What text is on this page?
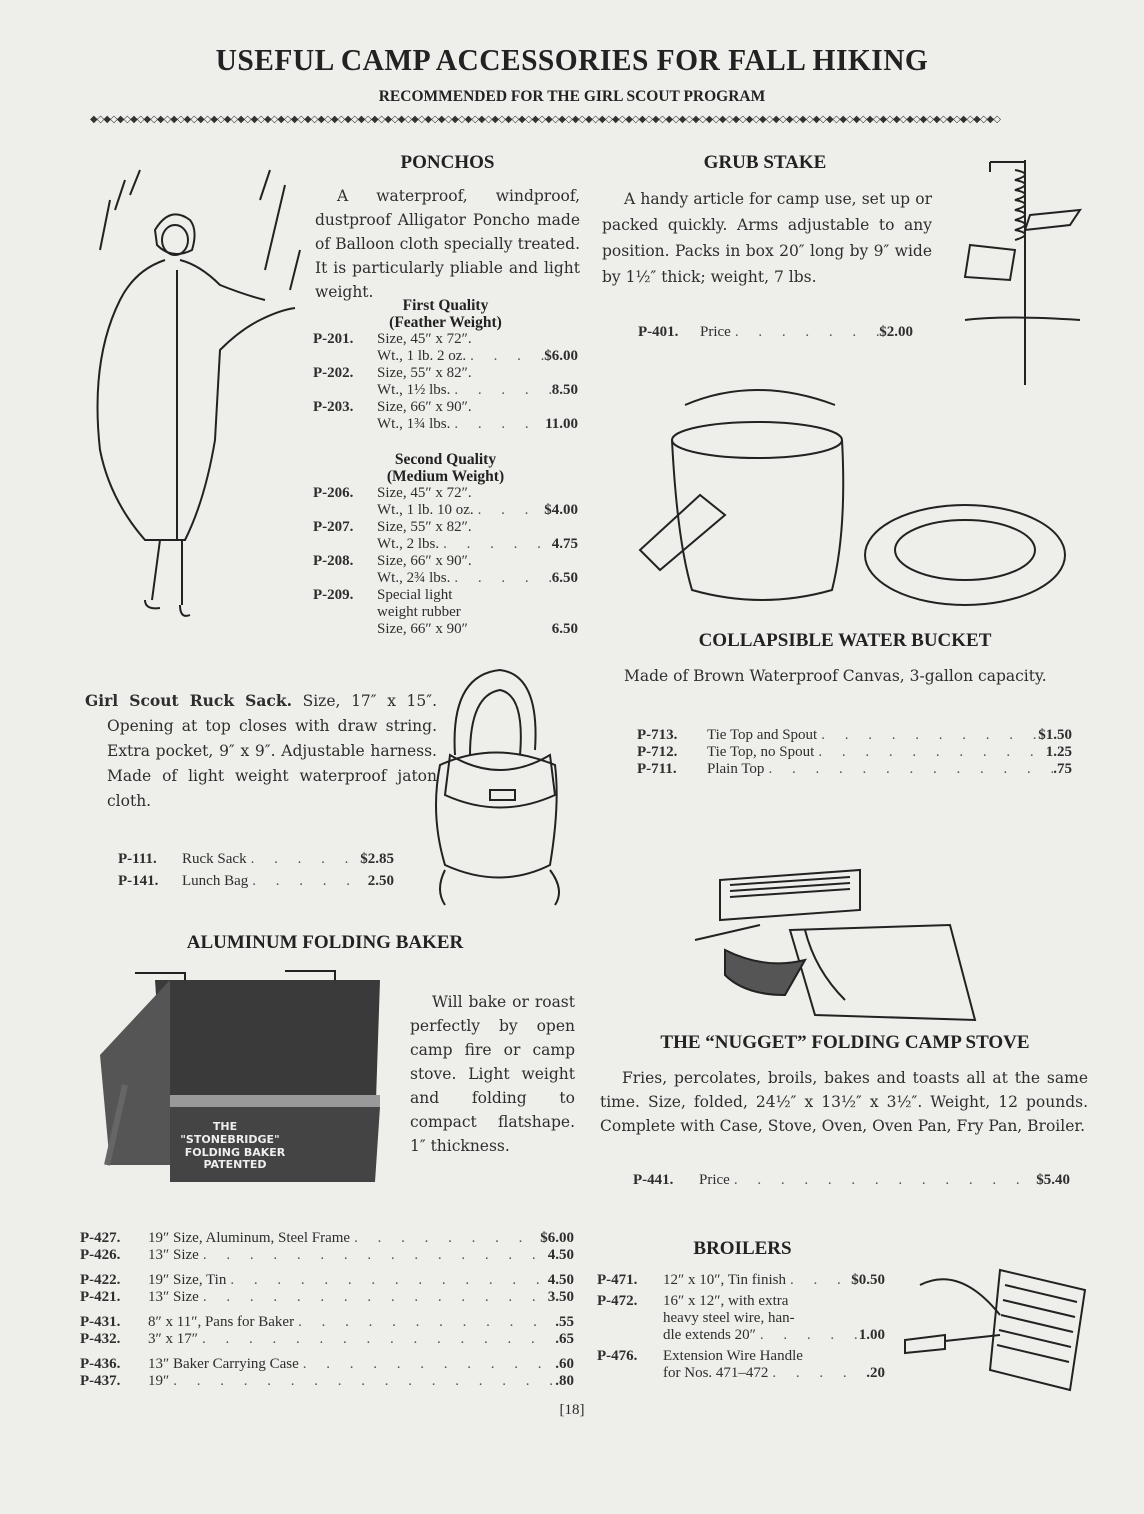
USEFUL CAMP ACCESSORIES FOR FALL HIKING
RECOMMENDED FOR THE GIRL SCOUT PROGRAM
◆◇◆◇◆◇◆◇◆◇◆◇◆◇◆◇◆◇◆◇◆◇◆◇◆◇◆◇◆◇◆◇◆◇◆◇◆◇◆◇◆◇◆◇◆◇◆◇◆◇◆◇◆◇◆◇◆◇◆◇◆◇◆◇◆◇◆◇◆◇◆◇◆◇◆◇◆◇◆◇◆◇◆◇◆◇◆◇◆◇◆◇◆◇◆◇◆◇◆◇◆◇◆◇◆◇◆◇◆◇◆◇◆◇◆◇◆◇◆◇◆◇◆◇◆◇◆◇◆◇◆◇◆◇◆◇
PONCHOS
A waterproof, windproof, dustproof Alligator Poncho made of Balloon cloth specially treated. It is particularly pliable and light weight.
First Quality
(Feather Weight)
P-201.	Size, 45″ x 72″.
Wt., 1 lb. 2 oz. . . .	$6.00
P-202.	Size, 55″ x 82″.
Wt., 1½ lbs. . . .	8.50
P-203.	Size, 66″ x 90″.
Wt., 1¾ lbs. . . .	11.00
Second Quality
(Medium Weight)
P-206.	Size, 45″ x 72″.
Wt., 1 lb. 10 oz. . . .	$4.00
P-207.	Size, 55″ x 82″.
Wt., 2 lbs. . . .	4.75
P-208.	Size, 66″ x 90″.
Wt., 2¾ lbs. . . .	6.50
P-209.	Special light
weight rubber
Size, 66″ x 90″	6.50
GRUB STAKE
A handy article for camp use, set up or packed quickly. Arms adjustable to any position. Packs in box 20″ long by 9″ wide by 1½″ thick; weight, 7 lbs.
P-401.	Price . . .	$2.00
COLLAPSIBLE WATER BUCKET
Made of Brown Waterproof Canvas, 3-gallon capacity.
P-713.	Tie Top and Spout . . .	$1.50
P-712.	Tie Top, no Spout . . .	1.25
P-711.	Plain Top . . .	.75
Girl Scout Ruck Sack. Size, 17″ x 15″. Opening at top closes with draw string. Extra pocket, 9″ x 9″. Adjustable harness. Made of light weight waterproof jaton cloth.
P-111.	Ruck Sack . . .	$2.85
P-141.	Lunch Bag . . .	2.50
ALUMINUM FOLDING BAKER
THE
"STONEBRIDGE"
FOLDING BAKER
PATENTED
Will bake or roast perfectly by open camp fire or camp stove. Light weight and folding to compact flatshape. 1″ thickness.
P-427.	19″ Size, Aluminum, Steel Frame . . .	$6.00
P-426.	13″ Size . . .	4.50
P-422.	19″ Size, Tin . . .	4.50
P-421.	13″ Size . . .	3.50
P-431.	8″ x 11″, Pans for Baker . . .	.55
P-432.	3″ x 17″ . . .	.65
P-436.	13″ Baker Carrying Case . . .	.60
P-437.	19″ . . .	.80
THE “NUGGET” FOLDING CAMP STOVE
Fries, percolates, broils, bakes and toasts all at the same time. Size, folded, 24½″ x 13½″ x 3½″. Weight, 12 pounds. Complete with Case, Stove, Oven, Oven Pan, Fry Pan, Broiler.
P-441.	Price . . .	$5.40
BROILERS
P-471.	12″ x 10″, Tin finish . . .	$0.50
P-472.	16″ x 12″, with extra
heavy steel wire, han-
dle extends 20″ . . .	1.00
P-476.	Extension Wire Handle
for Nos. 471–472 . . .	.20
[18]
